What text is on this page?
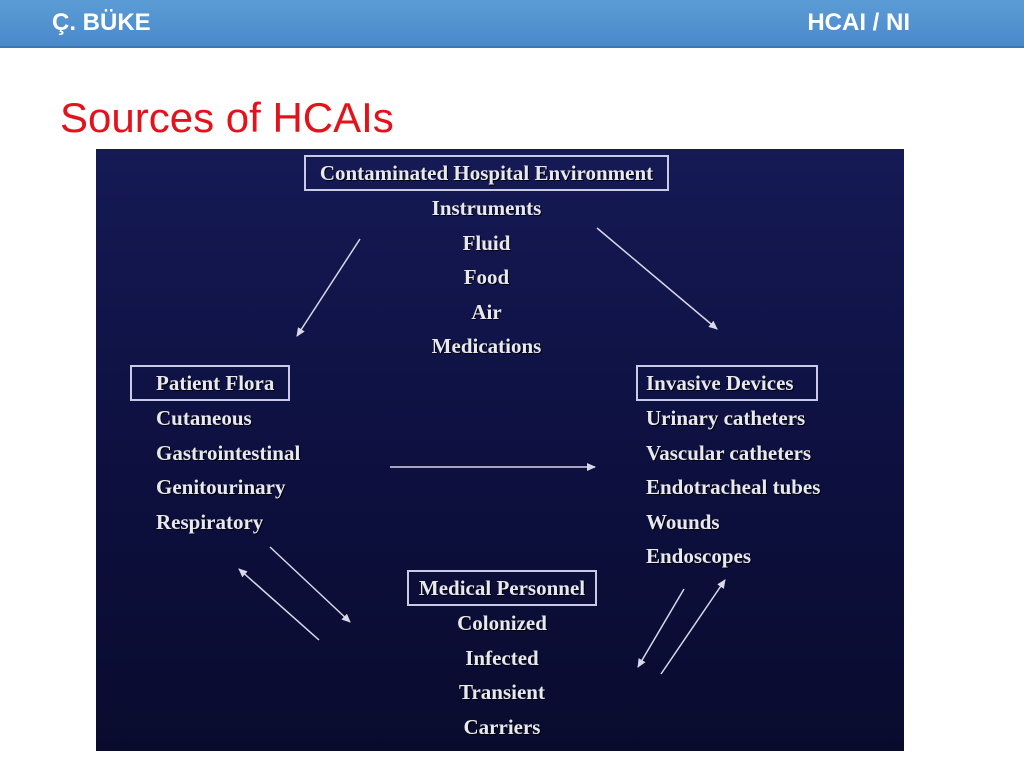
Ç. BÜKE	HCAI / NI
Sources of HCAIs
Contaminated Hospital Environment
Instruments
Fluid
Food
Air
Medications
Patient Flora
Cutaneous
Gastrointestinal
Genitourinary
Respiratory
Invasive Devices
Urinary catheters
Vascular catheters
Endotracheal tubes
Wounds
Endoscopes
Medical Personnel
Colonized
Infected
Transient
Carriers
